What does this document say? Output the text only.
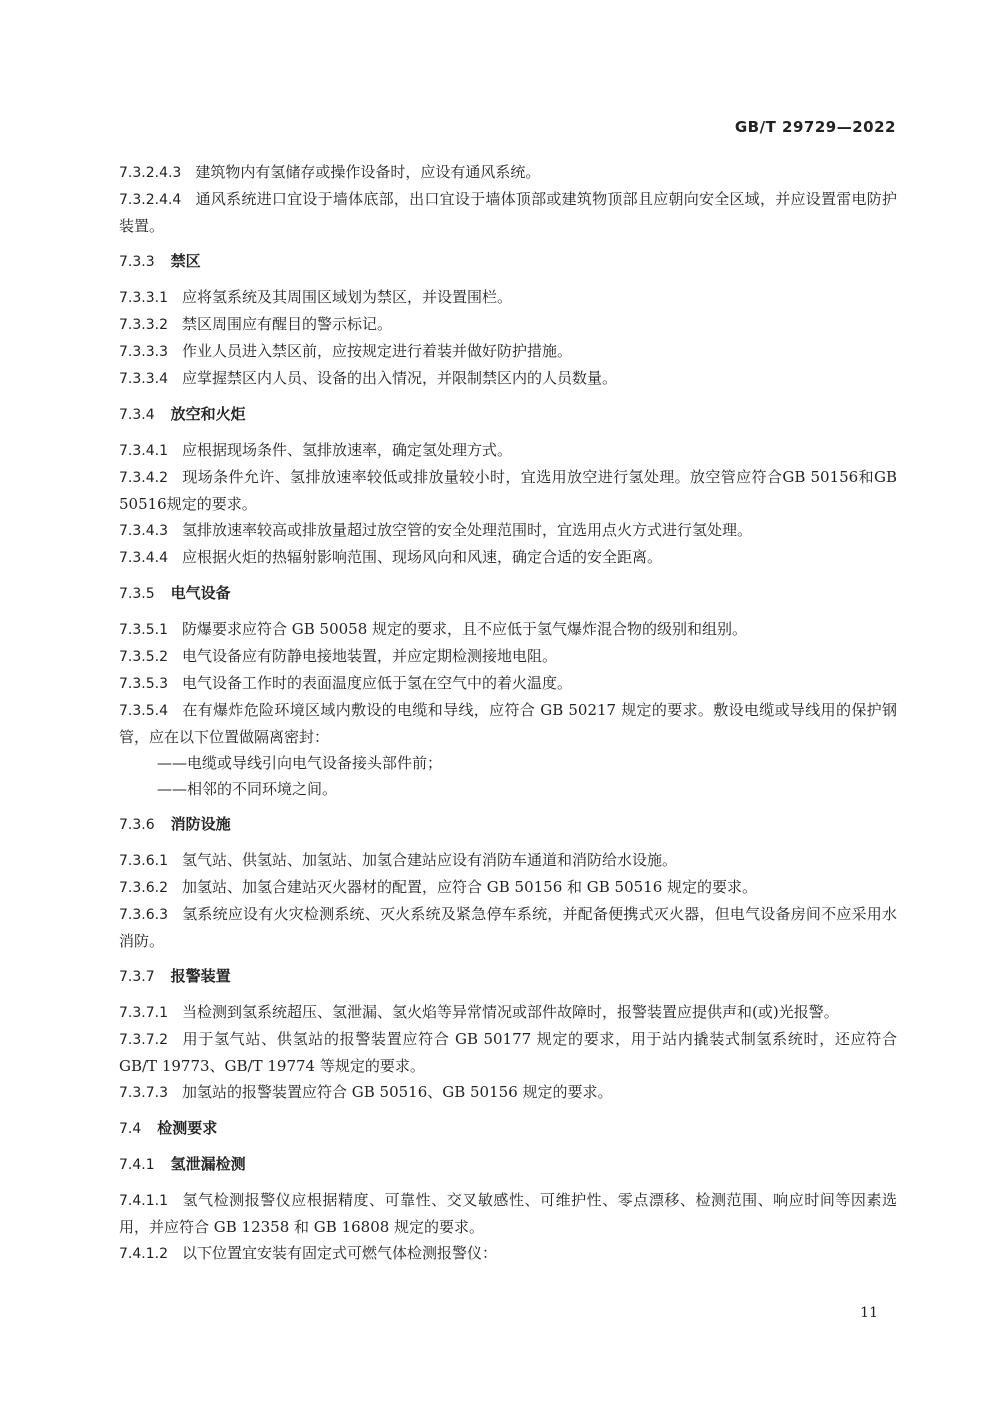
GB/T 29729—2022
7.3.2.4.3 建筑物内有氢储存或操作设备时，应设有通风系统。
7.3.2.4.4 通风系统进口宜设于墙体底部，出口宜设于墙体顶部或建筑物顶部且应朝向安全区域，并应设置雷电防护装置。
7.3.3 禁区
7.3.3.1 应将氢系统及其周围区域划为禁区，并设置围栏。
7.3.3.2 禁区周围应有醒目的警示标记。
7.3.3.3 作业人员进入禁区前，应按规定进行着装并做好防护措施。
7.3.3.4 应掌握禁区内人员、设备的出入情况，并限制禁区内的人员数量。
7.3.4 放空和火炬
7.3.4.1 应根据现场条件、氢排放速率，确定氢处理方式。
7.3.4.2 现场条件允许、氢排放速率较低或排放量较小时，宜选用放空进行氢处理。放空管应符合GB 50156和GB 50516规定的要求。
7.3.4.3 氢排放速率较高或排放量超过放空管的安全处理范围时，宜选用点火方式进行氢处理。
7.3.4.4 应根据火炬的热辐射影响范围、现场风向和风速，确定合适的安全距离。
7.3.5 电气设备
7.3.5.1 防爆要求应符合 GB 50058 规定的要求，且不应低于氢气爆炸混合物的级别和组别。
7.3.5.2 电气设备应有防静电接地装置，并应定期检测接地电阻。
7.3.5.3 电气设备工作时的表面温度应低于氢在空气中的着火温度。
7.3.5.4 在有爆炸危险环境区域内敷设的电缆和导线，应符合 GB 50217 规定的要求。敷设电缆或导线用的保护钢管，应在以下位置做隔离密封：
——电缆或导线引向电气设备接头部件前；
——相邻的不同环境之间。
7.3.6 消防设施
7.3.6.1 氢气站、供氢站、加氢站、加氢合建站应设有消防车通道和消防给水设施。
7.3.6.2 加氢站、加氢合建站灭火器材的配置，应符合 GB 50156 和 GB 50516 规定的要求。
7.3.6.3 氢系统应设有火灾检测系统、灭火系统及紧急停车系统，并配备便携式灭火器，但电气设备房间不应采用水消防。
7.3.7 报警装置
7.3.7.1 当检测到氢系统超压、氢泄漏、氢火焰等异常情况或部件故障时，报警装置应提供声和(或)光报警。
7.3.7.2 用于氢气站、供氢站的报警装置应符合 GB 50177 规定的要求，用于站内撬装式制氢系统时，还应符合 GB/T 19773、GB/T 19774 等规定的要求。
7.3.7.3 加氢站的报警装置应符合 GB 50516、GB 50156 规定的要求。
7.4 检测要求
7.4.1 氢泄漏检测
7.4.1.1 氢气检测报警仪应根据精度、可靠性、交叉敏感性、可维护性、零点漂移、检测范围、响应时间等因素选用，并应符合 GB 12358 和 GB 16808 规定的要求。
7.4.1.2 以下位置宜安装有固定式可燃气体检测报警仪：
11
